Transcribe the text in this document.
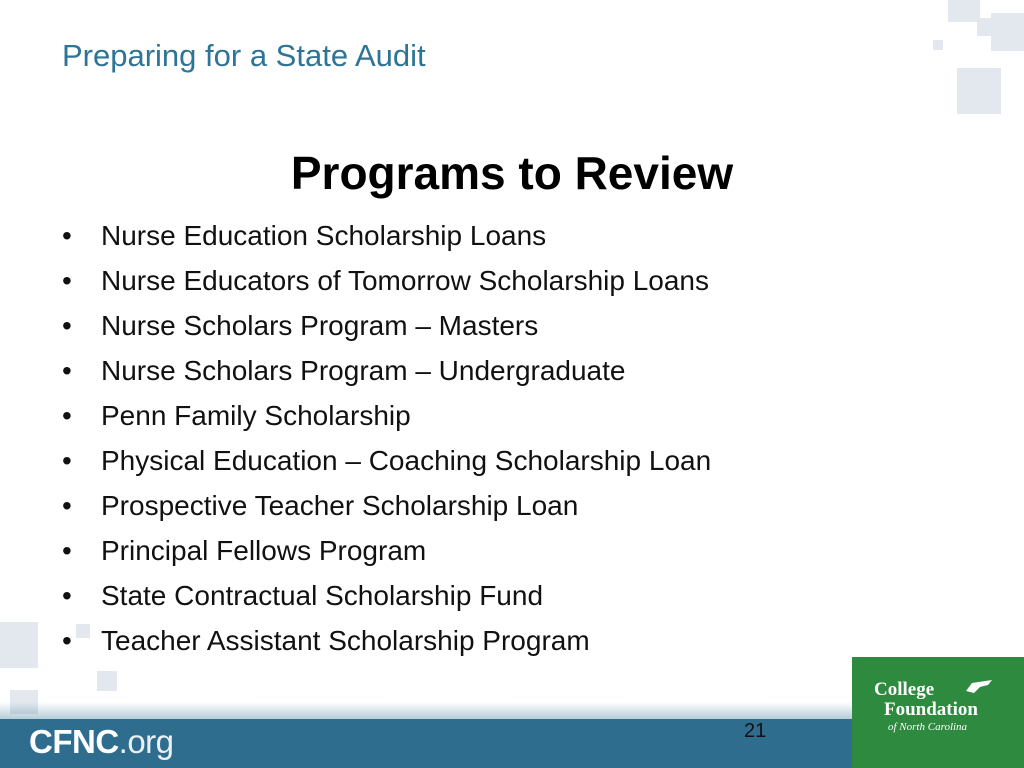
Preparing for a State Audit
Programs to Review
• Nurse Education Scholarship Loans
• Nurse Educators of Tomorrow Scholarship Loans
• Nurse Scholars Program – Masters
• Nurse Scholars Program – Undergraduate
• Penn Family Scholarship
• Physical Education – Coaching Scholarship Loan
• Prospective Teacher Scholarship Loan
• Principal Fellows Program
• State Contractual Scholarship Fund
• Teacher Assistant Scholarship Program
CFNC.org	21
College
Foundation
of North Carolina
